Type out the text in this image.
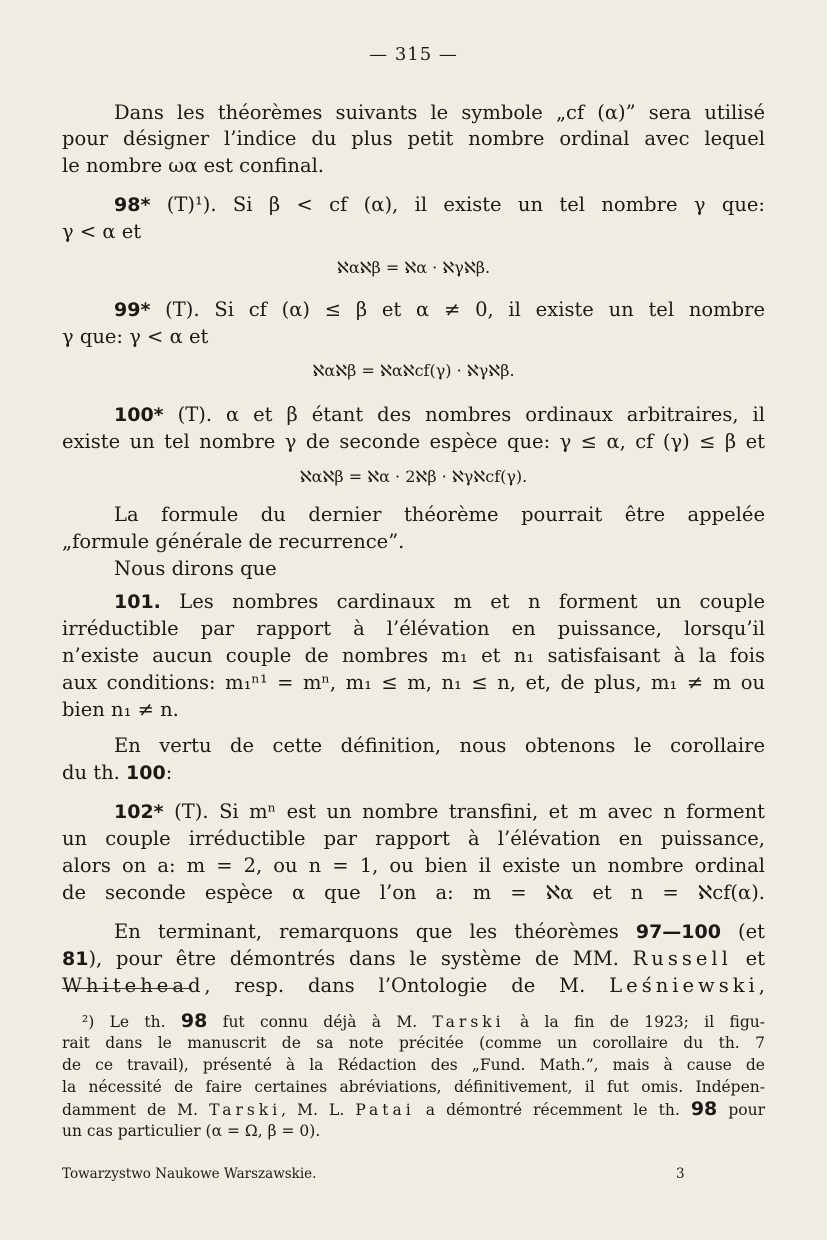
— 315 —
Dans les théorèmes suivants le symbole „cf (α)” sera utilisé
pour désigner l’indice du plus petit nombre ordinal avec lequel
le nombre ωα est confinal.
98* (T)¹). Si β < cf (α), il existe un tel nombre γ que:
γ < α et
ℵαℵβ = ℵα · ℵγℵβ.
99* (T). Si cf (α) ≤ β et α ≠ 0, il existe un tel nombre
γ que: γ < α et
ℵαℵβ = ℵαℵcf(γ) · ℵγℵβ.
100* (T). α et β étant des nombres ordinaux arbitraires, il
existe un tel nombre γ de seconde espèce que: γ ≤ α, cf (γ) ≤ β et
ℵαℵβ = ℵα · 2ℵβ · ℵγℵcf(γ).
La formule du dernier théorème pourrait être appelée
„formule générale de recurrence”.
Nous dirons que
101. Les nombres cardinaux m et n forment un couple
irréductible par rapport à l’élévation en puissance, lorsqu’il
n’existe aucun couple de nombres m₁ et n₁ satisfaisant à la fois
aux conditions: m₁ⁿ¹ = mⁿ, m₁ ≤ m, n₁ ≤ n, et, de plus, m₁ ≠ m ou
bien n₁ ≠ n.
En vertu de cette définition, nous obtenons le corollaire
du th. 100:
102* (T). Si mⁿ est un nombre transfini, et m avec n forment
un couple irréductible par rapport à l’élévation en puissance,
alors on a: m = 2, ou n = 1, ou bien il existe un nombre ordinal
de seconde espèce α que l’on a: m = ℵα et n = ℵcf(α).
En terminant, remarquons que les théorèmes 97—100 (et
81), pour être démontrés dans le système de MM. Russell et
Whitehead, resp. dans l’Ontologie de M. Leśniewski,
²) Le th. 98 fut connu déjà à M. Tarski à la fin de 1923; il figu-
rait dans le manuscrit de sa note précitée (comme un corollaire du th. 7
de ce travail), présenté à la Rédaction des „Fund. Math.”, mais à cause de
la nécessité de faire certaines abréviations, définitivement, il fut omis. Indépen-
damment de M. Tarski, M. L. Patai a démontré récemment le th. 98 pour
un cas particulier (α = Ω, β = 0).
Towarzystwo Naukowe Warszawskie.	3
